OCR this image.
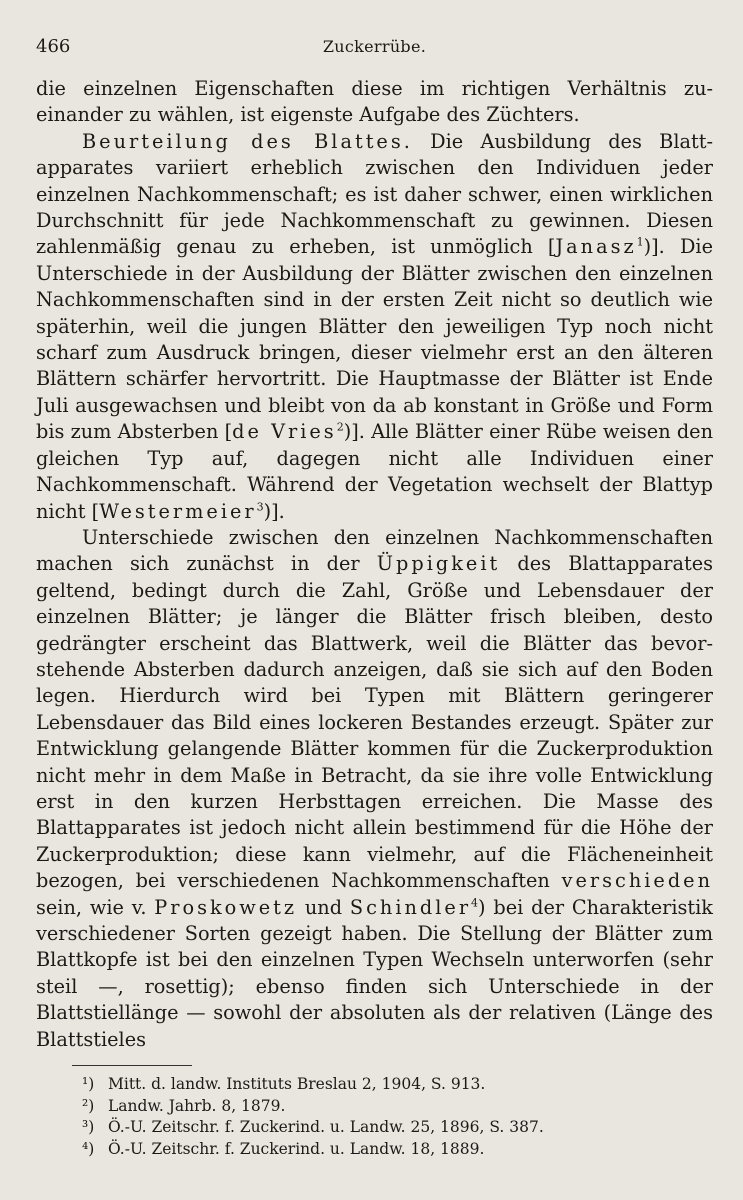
466	Zuckerrübe.

die einzelnen Eigenschaften diese im richtigen Verhältnis zueinander zu wählen, ist eigenste Aufgabe des Züchters.

Beurteilung des Blattes. Die Ausbildung des Blattapparates variiert erheblich zwischen den Individuen jeder einzelnen Nachkommenschaft; es ist daher schwer, einen wirklichen Durchschnitt für jede Nachkommenschaft zu gewinnen. Diesen zahlenmäßig genau zu erheben, ist unmöglich [Janasz$^1$)]. Die Unterschiede in der Ausbildung der Blätter zwischen den einzelnen Nachkommenschaften sind in der ersten Zeit nicht so deutlich wie späterhin, weil die jungen Blätter den jeweiligen Typ noch nicht scharf zum Ausdruck bringen, dieser vielmehr erst an den älteren Blättern schärfer hervortritt. Die Hauptmasse der Blätter ist Ende Juli ausgewachsen und bleibt von da ab konstant in Größe und Form bis zum Absterben [de Vries$^2$)]. Alle Blätter einer Rübe weisen den gleichen Typ auf, dagegen nicht alle Individuen einer Nachkommenschaft. Während der Vegetation wechselt der Blattyp nicht [Westermeier$^3$)].

Unterschiede zwischen den einzelnen Nachkommenschaften machen sich zunächst in der Üppigkeit des Blattapparates geltend, bedingt durch die Zahl, Größe und Lebensdauer der einzelnen Blätter; je länger die Blätter frisch bleiben, desto gedrängter erscheint das Blattwerk, weil die Blätter das bevorstehende Absterben dadurch anzeigen, daß sie sich auf den Boden legen. Hierdurch wird bei Typen mit Blättern geringerer Lebensdauer das Bild eines lockeren Bestandes erzeugt. Später zur Entwicklung gelangende Blätter kommen für die Zuckerproduktion nicht mehr in dem Maße in Betracht, da sie ihre volle Entwicklung erst in den kurzen Herbsttagen erreichen. Die Masse des Blattapparates ist jedoch nicht allein bestimmend für die Höhe der Zuckerproduktion; diese kann vielmehr, auf die Flächeneinheit bezogen, bei verschiedenen Nachkommenschaften verschieden sein, wie v. Proskowetz und Schindler$^4$) bei der Charakteristik verschiedener Sorten gezeigt haben. Die Stellung der Blätter zum Blattkopfe ist bei den einzelnen Typen Wechseln unterworfen (sehr steil —, rosettig); ebenso finden sich Unterschiede in der Blattstiellänge — sowohl der absoluten als der relativen (Länge des Blattstieles

¹) Mitt. d. landw. Instituts Breslau 2, 1904, S. 913.
²) Landw. Jahrb. 8, 1879.
³) Ö.-U. Zeitschr. f. Zuckerind. u. Landw. 25, 1896, S. 387.
⁴) Ö.-U. Zeitschr. f. Zuckerind. u. Landw. 18, 1889.
